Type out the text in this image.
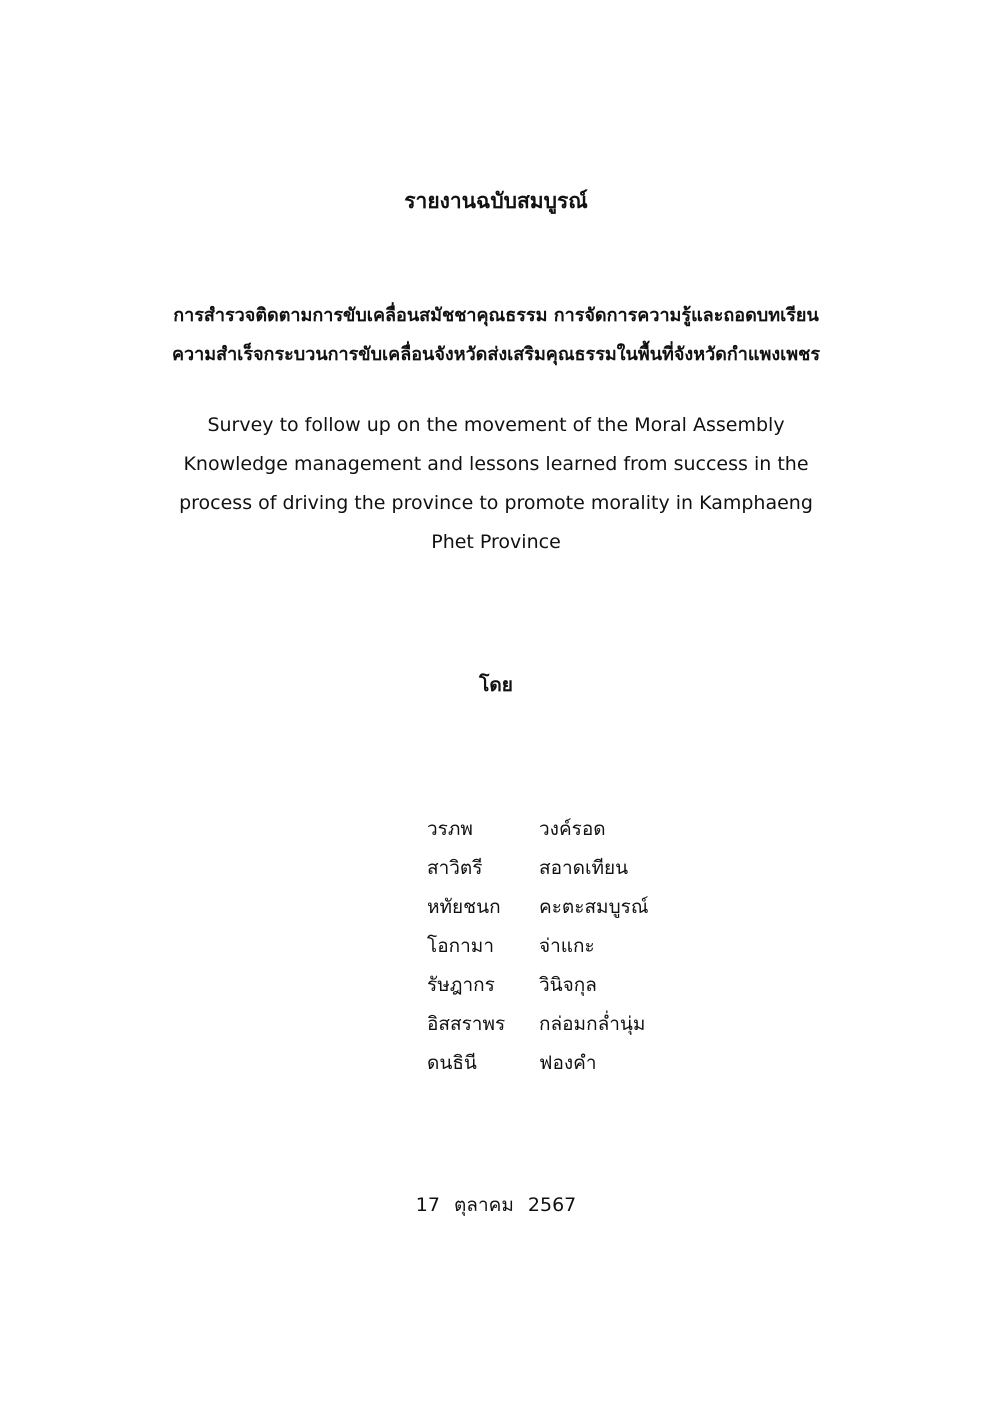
รายงานฉบับสมบูรณ์
การสำรวจติดตามการขับเคลื่อนสมัชชาคุณธรรม การจัดการความรู้และถอดบทเรียน
ความสำเร็จกระบวนการขับเคลื่อนจังหวัดส่งเสริมคุณธรรมในพื้นที่จังหวัดกำแพงเพชร
Survey to follow up on the movement of the Moral Assembly
Knowledge management and lessons learned from success in the
process of driving the province to promote morality in Kamphaeng
Phet Province
โดย
วรภพ	วงค์รอด
สาวิตรี	สอาดเทียน
หทัยชนก	คะตะสมบูรณ์
โอกามา	จ่าแกะ
รัษฎากร	วินิจกุล
อิสสราพร	กล่อมกล่ำนุ่ม
ดนธินี	ฟองคำ
17 ตุลาคม 2567
